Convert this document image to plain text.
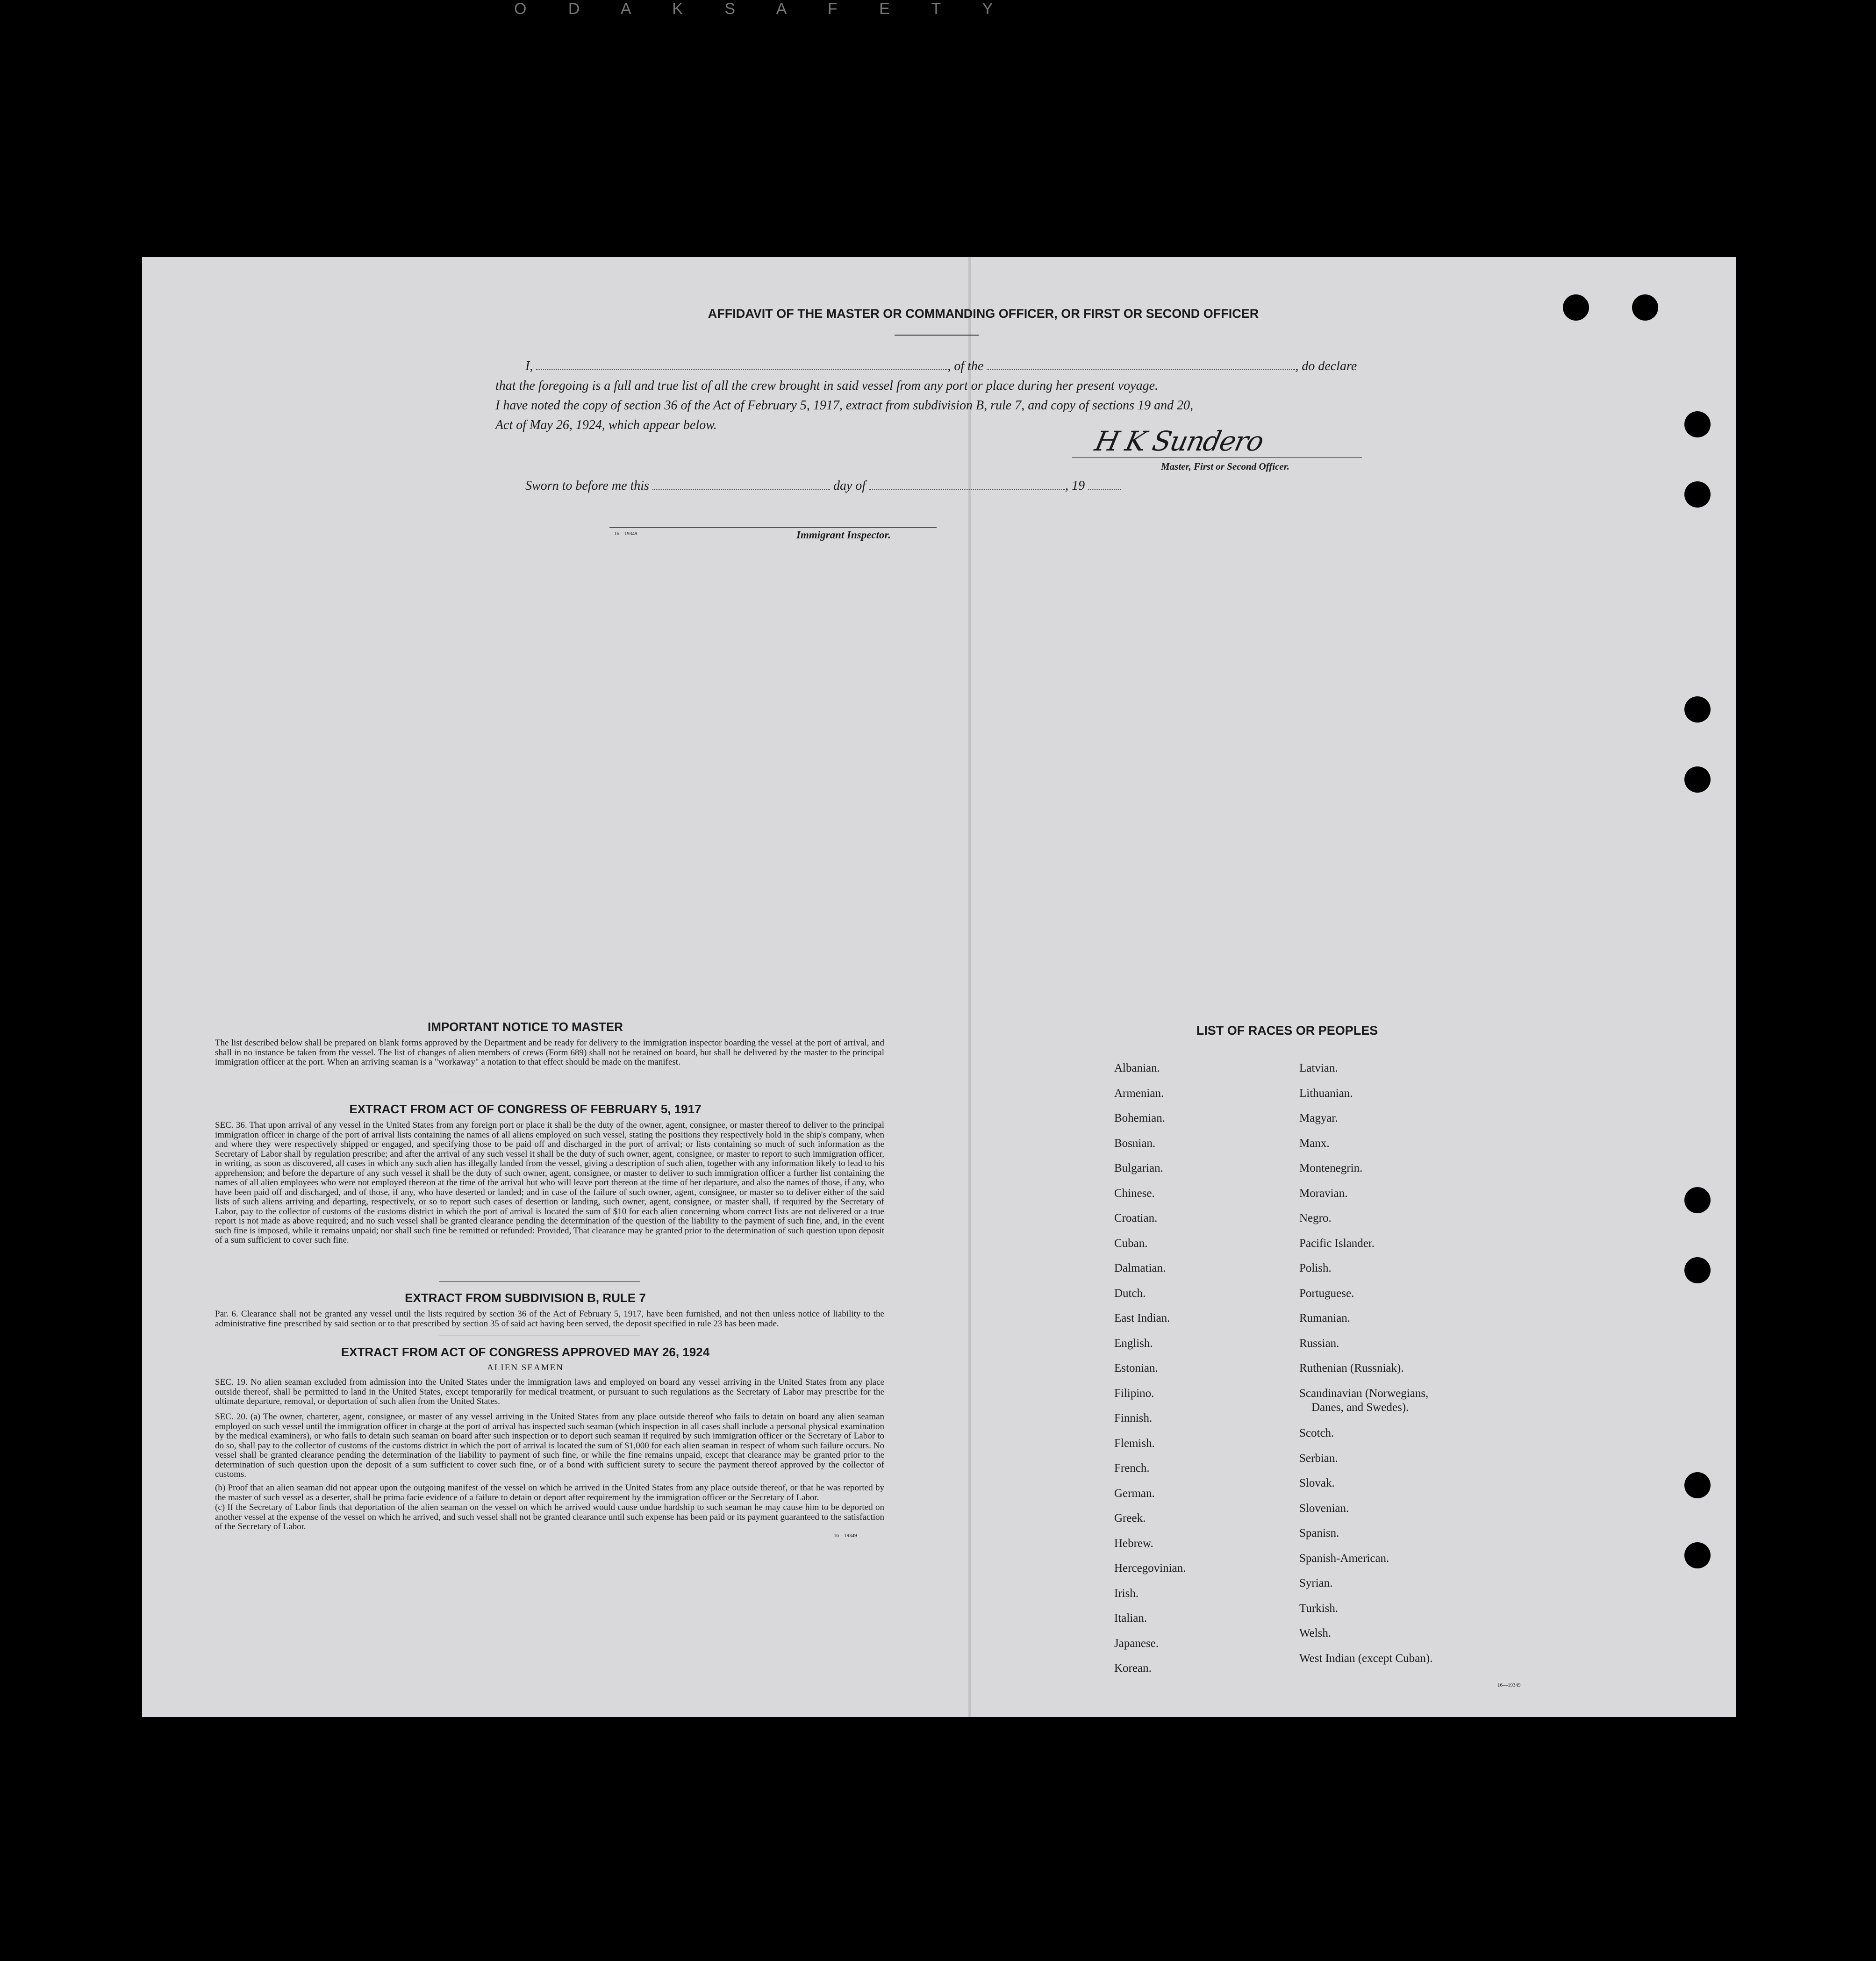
O D A K S A F E T Y
AFFIDAVIT OF THE MASTER OR COMMANDING OFFICER, OR FIRST OR SECOND OFFICER
I,	, of the	, do declare
that the foregoing is a full and true list of all the crew brought in said vessel from any port or place during her present voyage.
I have noted the copy of section 36 of the Act of February 5, 1917, extract from subdivision B, rule 7, and copy of sections 19 and 20,
Act of May 26, 1924, which appear below.
H K Sundero
Master, First or Second Officer.
Sworn to before me this	day of	, 19
16—19349	Immigrant Inspector.
IMPORTANT NOTICE TO MASTER
The list described below shall be prepared on blank forms approved by the Department and be ready for delivery to the immigration inspector boarding the vessel at the port of arrival, and shall in no instance be taken from the vessel. The list of changes of alien members of crews (Form 689) shall not be retained on board, but shall be delivered by the master to the principal immigration officer at the port. When an arriving seaman is a "workaway" a notation to that effect should be made on the manifest.
EXTRACT FROM ACT OF CONGRESS OF FEBRUARY 5, 1917
SEC. 36. That upon arrival of any vessel in the United States from any foreign port or place it shall be the duty of the owner, agent, consignee, or master thereof to deliver to the principal immigration officer in charge of the port of arrival lists containing the names of all aliens employed on such vessel, stating the positions they respectively hold in the ship's company, when and where they were respectively shipped or engaged, and specifying those to be paid off and discharged in the port of arrival; or lists containing so much of such information as the Secretary of Labor shall by regulation prescribe; and after the arrival of any such vessel it shall be the duty of such owner, agent, consignee, or master to report to such immigration officer, in writing, as soon as discovered, all cases in which any such alien has illegally landed from the vessel, giving a description of such alien, together with any information likely to lead to his apprehension; and before the departure of any such vessel it shall be the duty of such owner, agent, consignee, or master to deliver to such immigration officer a further list containing the names of all alien employees who were not employed thereon at the time of the arrival but who will leave port thereon at the time of her departure, and also the names of those, if any, who have been paid off and discharged, and of those, if any, who have deserted or landed; and in case of the failure of such owner, agent, consignee, or master so to deliver either of the said lists of such aliens arriving and departing, respectively, or so to report such cases of desertion or landing, such owner, agent, consignee, or master shall, if required by the Secretary of Labor, pay to the collector of customs of the customs district in which the port of arrival is located the sum of $10 for each alien concerning whom correct lists are not delivered or a true report is not made as above required; and no such vessel shall be granted clearance pending the determination of the question of the liability to the payment of such fine, and, in the event such fine is imposed, while it remains unpaid; nor shall such fine be remitted or refunded: Provided, That clearance may be granted prior to the determination of such question upon deposit of a sum sufficient to cover such fine.
EXTRACT FROM SUBDIVISION B, RULE 7
Par. 6. Clearance shall not be granted any vessel until the lists required by section 36 of the Act of February 5, 1917, have been furnished, and not then unless notice of liability to the administrative fine prescribed by said section or to that prescribed by section 35 of said act having been served, the deposit specified in rule 23 has been made.
EXTRACT FROM ACT OF CONGRESS APPROVED MAY 26, 1924
ALIEN SEAMEN
SEC. 19. No alien seaman excluded from admission into the United States under the immigration laws and employed on board any vessel arriving in the United States from any place outside thereof, shall be permitted to land in the United States, except temporarily for medical treatment, or pursuant to such regulations as the Secretary of Labor may prescribe for the ultimate departure, removal, or deportation of such alien from the United States.
SEC. 20. (a) The owner, charterer, agent, consignee, or master of any vessel arriving in the United States from any place outside thereof who fails to detain on board any alien seaman employed on such vessel until the immigration officer in charge at the port of arrival has inspected such seaman (which inspection in all cases shall include a personal physical examination by the medical examiners), or who fails to detain such seaman on board after such inspection or to deport such seaman if required by such immigration officer or the Secretary of Labor to do so, shall pay to the collector of customs of the customs district in which the port of arrival is located the sum of $1,000 for each alien seaman in respect of whom such failure occurs. No vessel shall be granted clearance pending the determination of the liability to payment of such fine, or while the fine remains unpaid, except that clearance may be granted prior to the determination of such question upon the deposit of a sum sufficient to cover such fine, or of a bond with sufficient surety to secure the payment thereof approved by the collector of customs.
(b) Proof that an alien seaman did not appear upon the outgoing manifest of the vessel on which he arrived in the United States from any place outside thereof, or that he was reported by the master of such vessel as a deserter, shall be prima facie evidence of a failure to detain or deport after requirement by the immigration officer or the Secretary of Labor.
(c) If the Secretary of Labor finds that deportation of the alien seaman on the vessel on which he arrived would cause undue hardship to such seaman he may cause him to be deported on another vessel at the expense of the vessel on which he arrived, and such vessel shall not be granted clearance until such expense has been paid or its payment guaranteed to the satisfaction of the Secretary of Labor.
16—19349
LIST OF RACES OR PEOPLES
Albanian.
Armenian.
Bohemian.
Bosnian.
Bulgarian.
Chinese.
Croatian.
Cuban.
Dalmatian.
Dutch.
East Indian.
English.
Estonian.
Filipino.
Finnish.
Flemish.
French.
German.
Greek.
Hebrew.
Hercegovinian.
Irish.
Italian.
Japanese.
Korean.
Latvian.
Lithuanian.
Magyar.
Manx.
Montenegrin.
Moravian.
Negro.
Pacific Islander.
Polish.
Portuguese.
Rumanian.
Russian.
Ruthenian (Russniak).
Scandinavian (Norwegians,
Danes, and Swedes).
Scotch.
Serbian.
Slovak.
Slovenian.
Spanisn.
Spanish-American.
Syrian.
Turkish.
Welsh.
West Indian (except Cuban).
16—19349
